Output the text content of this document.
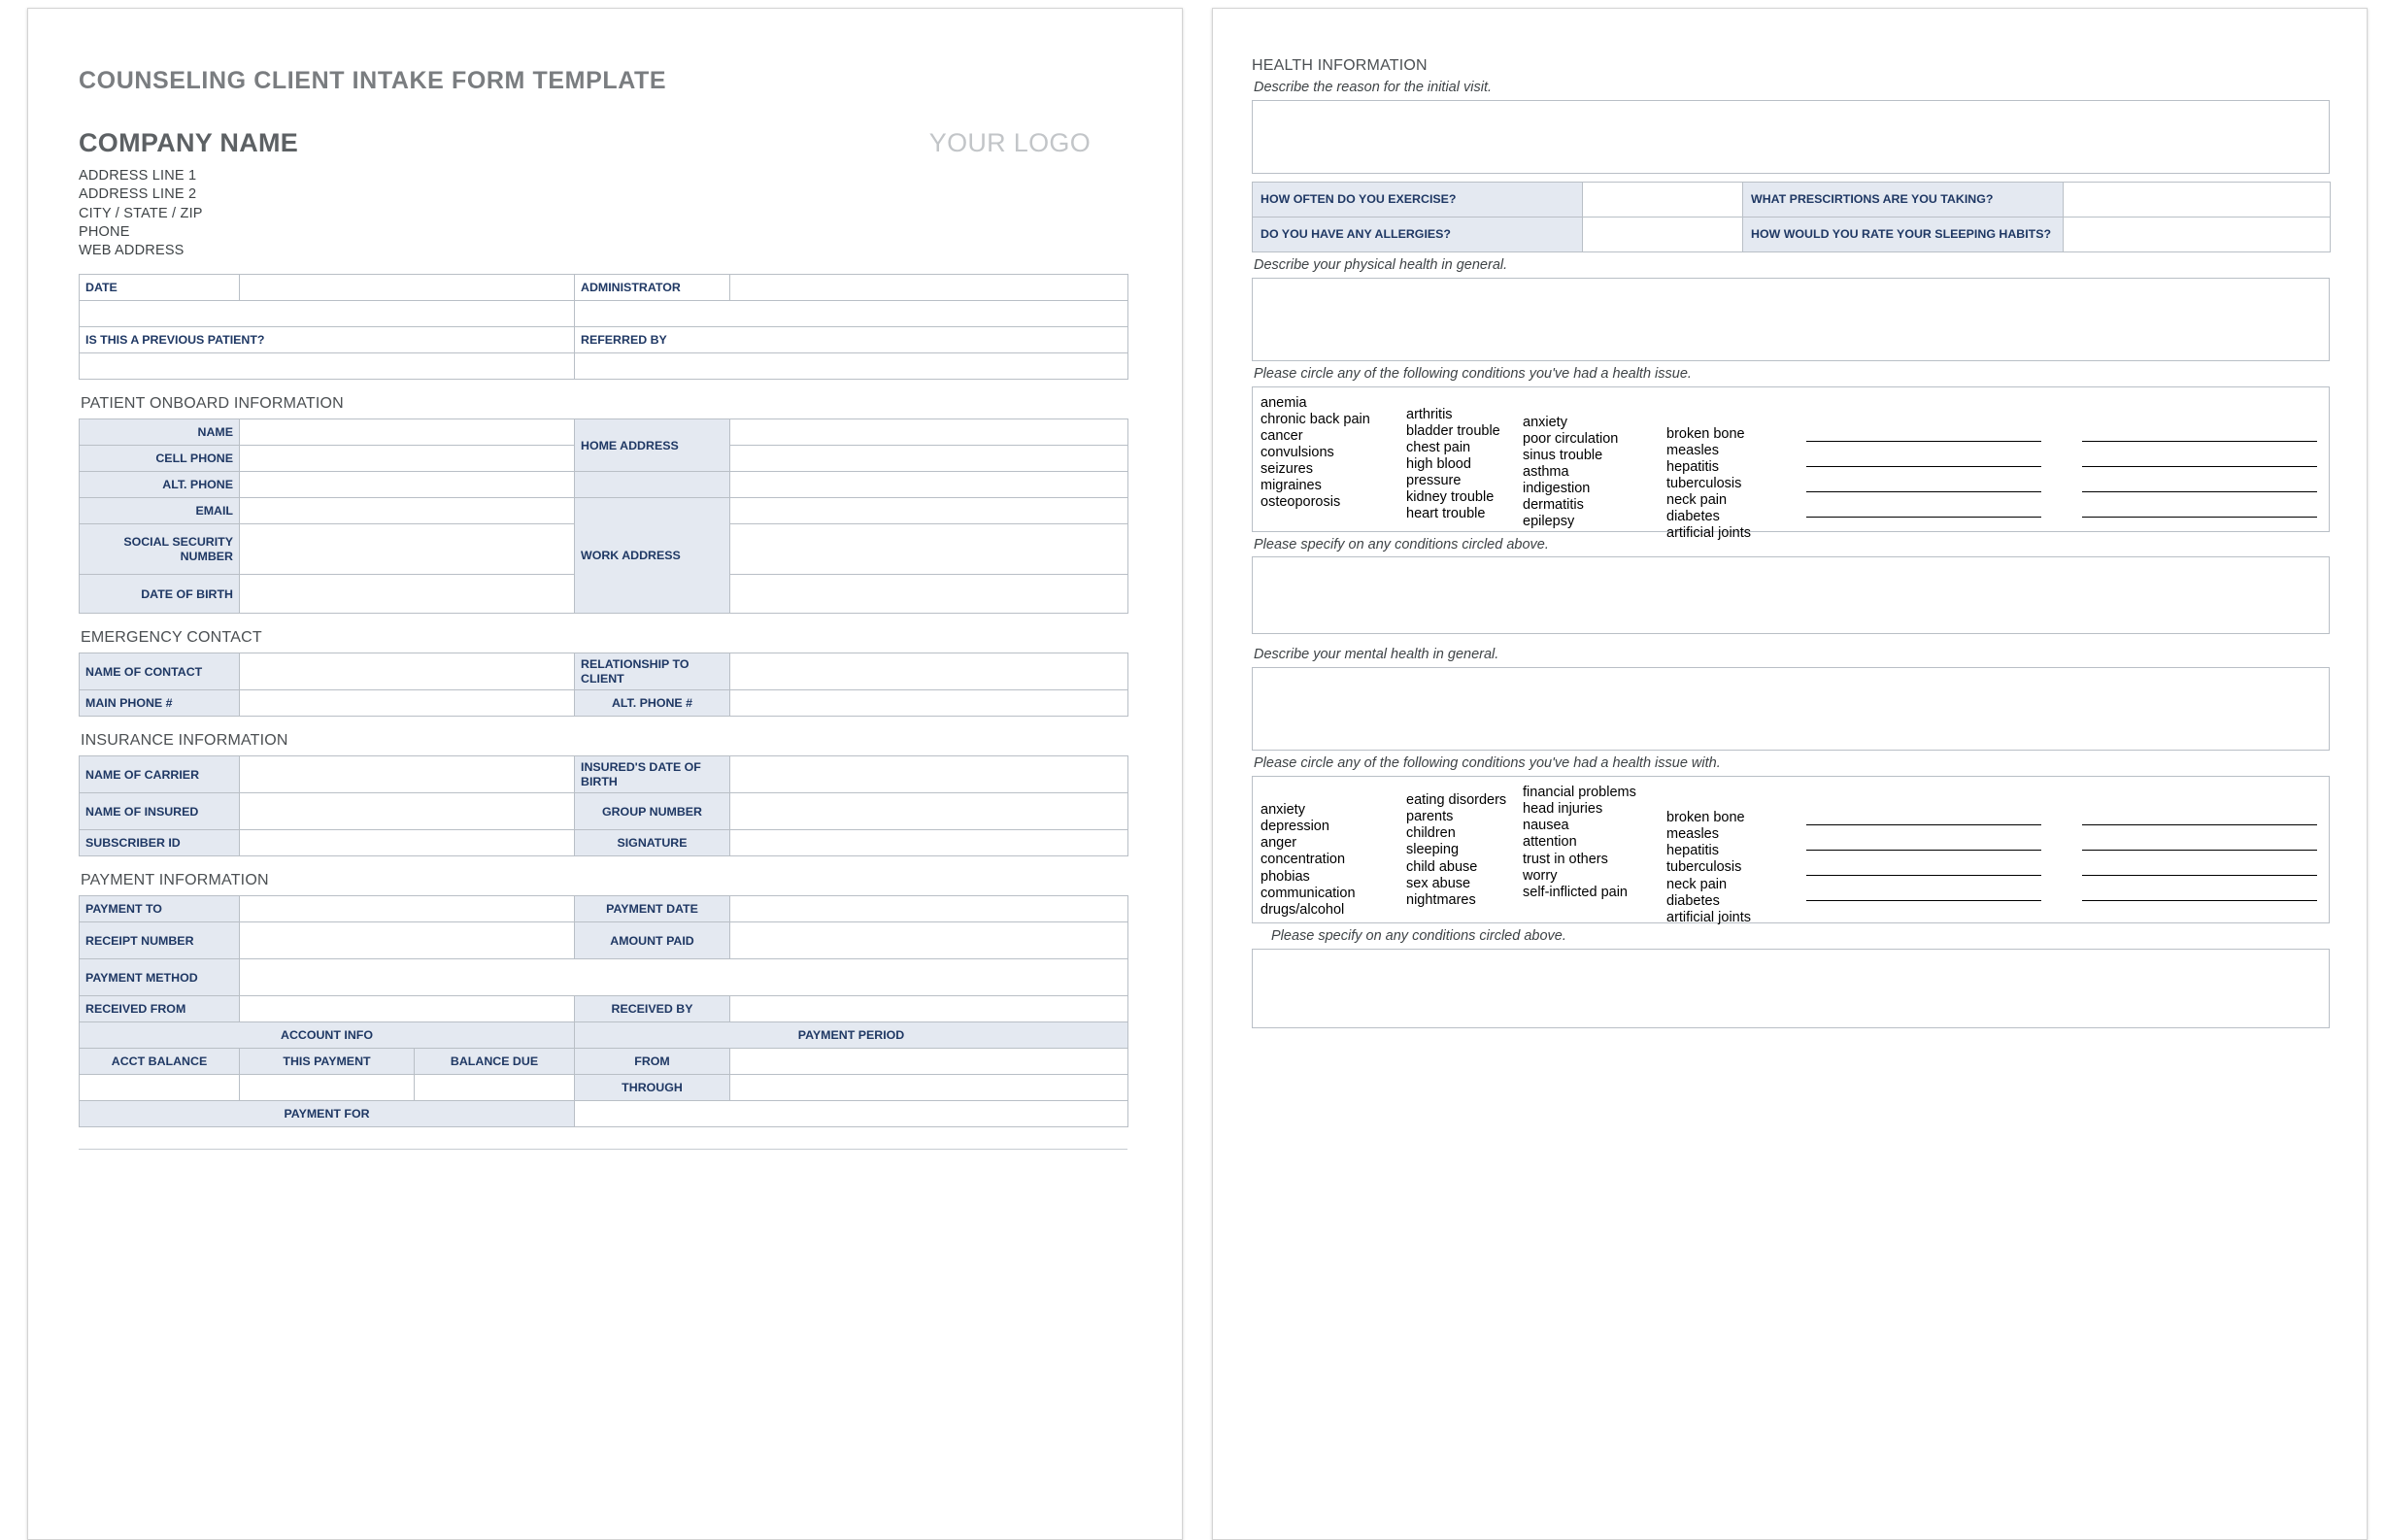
COUNSELING CLIENT INTAKE FORM TEMPLATE
COMPANY NAME	YOUR LOGO
ADDRESS LINE 1
ADDRESS LINE 2
CITY / STATE / ZIP
PHONE
WEB ADDRESS
DATE		ADMINISTRATOR	

IS THIS A PREVIOUS PATIENT?		REFERRED BY	

PATIENT ONBOARD INFORMATION
NAME		HOME ADDRESS	
CELL PHONE			
ALT. PHONE			
EMAIL		WORK ADDRESS	
SOCIAL SECURITY NUMBER			
DATE OF BIRTH			
EMERGENCY CONTACT
NAME OF CONTACT		RELATIONSHIP TO CLIENT	
MAIN PHONE #		ALT. PHONE #	
INSURANCE INFORMATION
NAME OF CARRIER		INSURED'S DATE OF BIRTH	
NAME OF INSURED		GROUP NUMBER	
SUBSCRIBER ID		SIGNATURE	
PAYMENT INFORMATION
PAYMENT TO			PAYMENT DATE	
RECEIPT NUMBER			AMOUNT PAID	
PAYMENT METHOD				
RECEIVED FROM			RECEIVED BY	
ACCOUNT INFO			PAYMENT PERIOD	
ACCT BALANCE	THIS PAYMENT	BALANCE DUE	FROM	
			THROUGH	
PAYMENT FOR				
HEALTH INFORMATION
Describe the reason for the initial visit.
HOW OFTEN DO YOU EXERCISE?		WHAT PRESCIRTIONS ARE YOU TAKING?	
DO YOU HAVE ANY ALLERGIES?		HOW WOULD YOU RATE YOUR SLEEPING HABITS?	
Describe your physical health in general.
Please circle any of the following conditions you've had a health issue.
anemia
chronic back pain
cancer
convulsions
seizures
migraines
osteoporosis
arthritis
bladder trouble
chest pain
high blood pressure
kidney trouble
heart trouble
anxiety
poor circulation
sinus trouble
asthma
indigestion
dermatitis
epilepsy
broken bone
measles
hepatitis
tuberculosis
neck pain
diabetes
artificial joints
Please specify on any conditions circled above.
Describe your mental health in general.
Please circle any of the following conditions you've had a health issue with.
anxiety
depression
anger
concentration
phobias
communication
drugs/alcohol
eating disorders
parents
children
sleeping
child abuse
sex abuse
nightmares
financial problems
head injuries
nausea
attention
trust in others
worry
self-inflicted pain
broken bone
measles
hepatitis
tuberculosis
neck pain
diabetes
artificial joints
Please specify on any conditions circled above.
